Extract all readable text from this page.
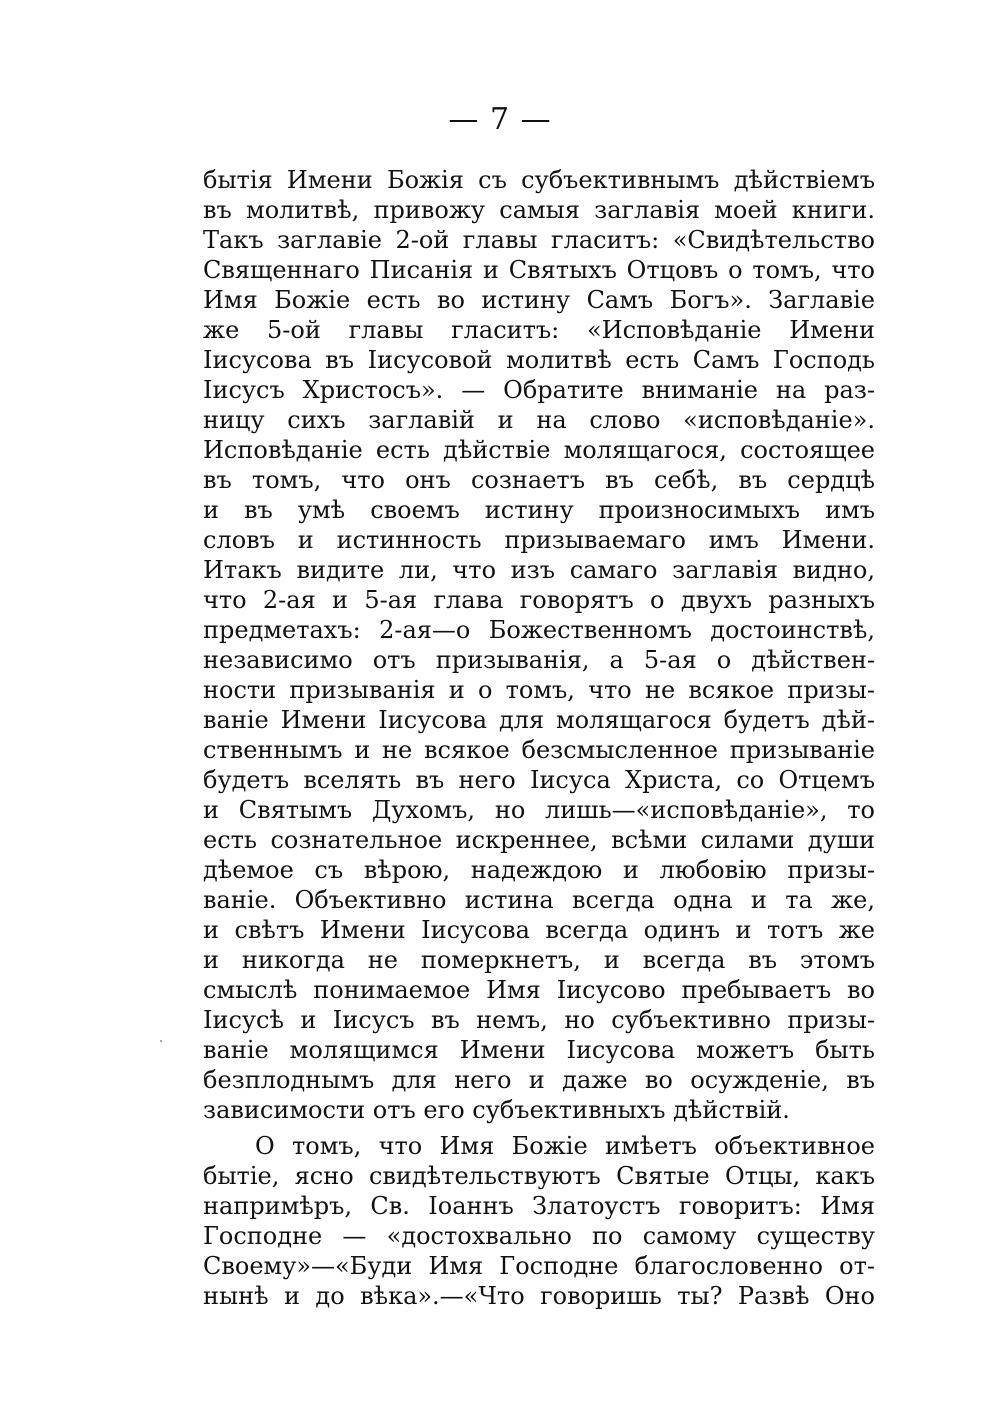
— 7 —
бытія Имени Божія съ субъективнымъ дѣйствіемъ
въ молитвѣ, привожу самыя заглавія моей книги.
Такъ заглавіе 2-ой главы гласитъ: «Свидѣтельство
Священнаго Писанія и Святыхъ Отцовъ о томъ, что
Имя Божіе есть во истину Самъ Богъ». Заглавіе
же 5-ой главы гласитъ: «Исповѣданіе Имени
Іисусова въ Іисусовой молитвѣ есть Самъ Господь
Іисусъ Христосъ». — Обратите вниманіе на раз-
ницу сихъ заглавій и на слово «исповѣданіе».
Исповѣданіе есть дѣйствіе молящагося, состоящее
въ томъ, что онъ сознаетъ въ себѣ, въ сердцѣ
и въ умѣ своемъ истину произносимыхъ имъ
словъ и истинность призываемаго имъ Имени.
Итакъ видите ли, что изъ самаго заглавія видно,
что 2-ая и 5-ая глава говорятъ о двухъ разныхъ
предметахъ: 2-ая—о Божественномъ достоинствѣ,
независимо отъ призыванія, а 5-ая о дѣйствен-
ности призыванія и о томъ, что не всякое призы-
ваніе Имени Іисусова для молящагося будетъ дѣй-
ственнымъ и не всякое безсмысленное призываніе
будетъ вселять въ него Іисуса Христа, со Отцемъ
и Святымъ Духомъ, но лишь—«исповѣданіе», то
есть сознательное искреннее, всѣми силами души
дѣемое съ вѣрою, надеждою и любовію призы-
ваніе. Объективно истина всегда одна и та же,
и свѣтъ Имени Іисусова всегда одинъ и тотъ же
и никогда не померкнетъ, и всегда въ этомъ
смыслѣ понимаемое Имя Іисусово пребываетъ во
Іисусѣ и Іисусъ въ немъ, но субъективно призы-
ваніе молящимся Имени Іисусова можетъ быть
безплоднымъ для него и даже во осужденіе, въ
зависимости отъ его субъективныхъ дѣйствій.
О томъ, что Имя Божіе имѣетъ объективное
бытіе, ясно свидѣтельствуютъ Святые Отцы, какъ
напримѣръ, Св. Іоаннъ Златоустъ говоритъ: Имя
Господне — «достохвально по самому существу
Своему»—«Буди Имя Господне благословенно от-
нынѣ и до вѣка».—«Что говоришь ты? Развѣ Оно
